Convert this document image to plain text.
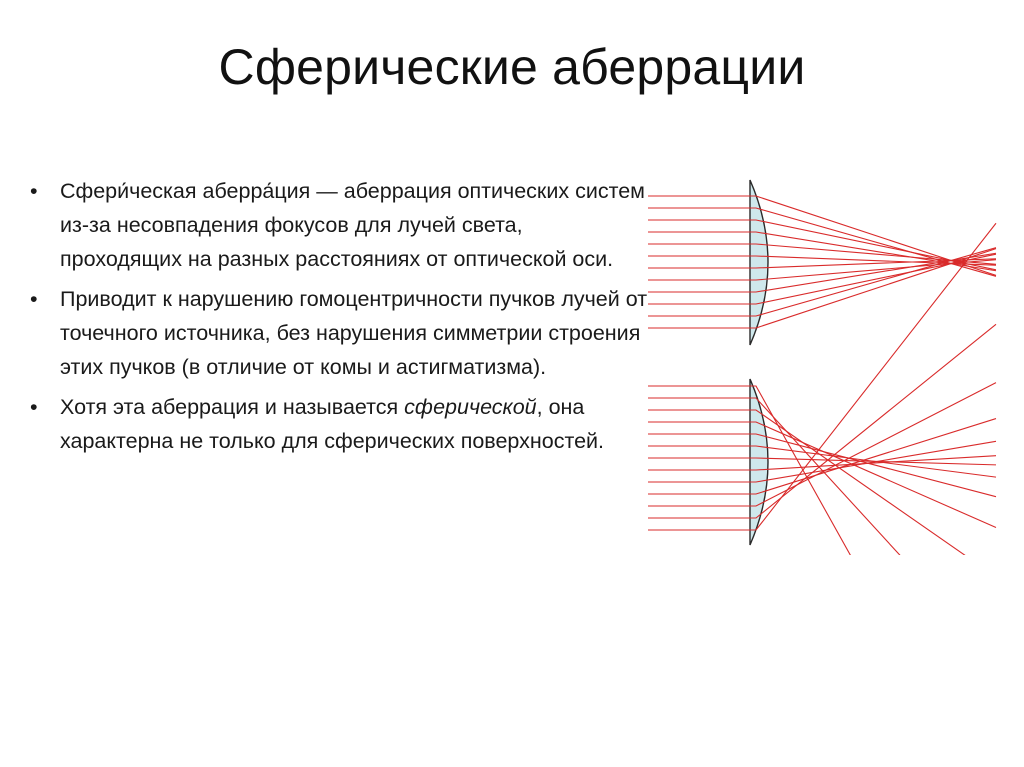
Сферические аберрации
• Сфери́ческая аберра́ция — аберрация оптических систем из-за несовпадения фокусов для лучей света, проходящих на разных расстояниях от оптической оси.
• Приводит к нарушению гомоцентричности пучков лучей от точечного источника, без нарушения симметрии строения этих пучков (в отличие от комы и астигматизма).
• Хотя эта аберрация и называется сферической, она характерна не только для сферических поверхностей.
